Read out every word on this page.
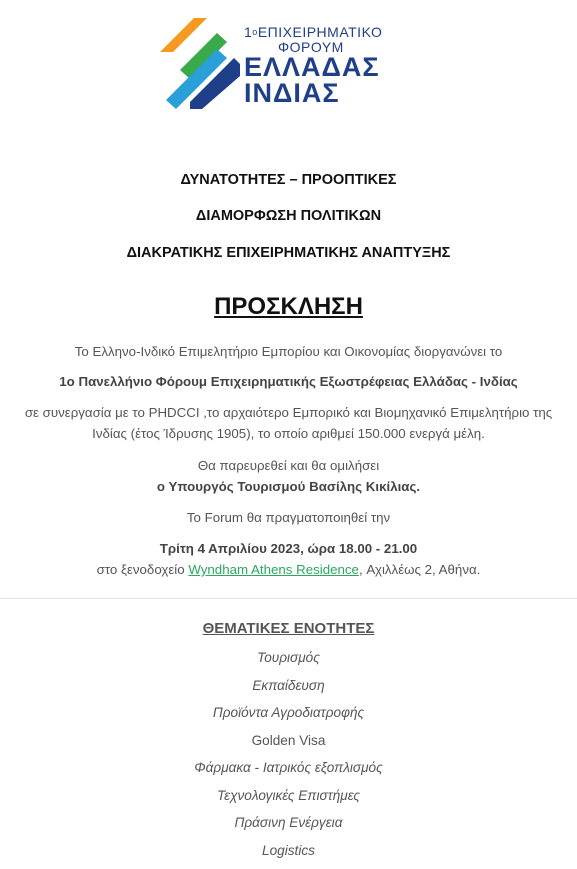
$1^oE\Pi IXEIPHMATIKO$
ΦΟΡΟΥΜ
ΕΛΛΑΔΑΣ
ΙΝΔΙΑΣ
ΔΥΝΑΤΟΤΗΤΕΣ – ΠΡΟΟΠΤΙΚΕΣ
ΔΙΑΜΟΡΦΩΣΗ ΠΟΛΙΤΙΚΩΝ
ΔΙΑΚΡΑΤΙΚΗΣ ΕΠΙΧΕΙΡΗΜΑΤΙΚΗΣ ΑΝΑΠΤΥΞΗΣ
ΠΡΟΣΚΛΗΣΗ
Το Ελληνο-Ινδικό Επιμελητήριο Εμπορίου και Οικονομίας διοργανώνει το
1ο Πανελλήνιο Φόρουμ Επιχειρηματικής Εξωστρέφειας Ελλάδας - Ινδίας
σε συνεργασία με το PHDCCI ,το αρχαιότερο Εμπορικό και Βιομηχανικό Επιμελητήριο της
Ινδίας (έτος Ίδρυσης 1905), το οποίο αριθμεί 150.000 ενεργά μέλη.
Θα παρευρεθεί και θα ομιλήσει
ο Υπουργός Τουρισμού Βασίλης Κικίλιας.
Το Forum θα πραγματοποιηθεί την
Τρίτη 4 Απριλίου 2023, ώρα 18.00 - 21.00
στο ξενοδοχείο Wyndham Athens Residence, Αχιλλέως 2, Αθήνα.
ΘΕΜΑΤΙΚΕΣ ΕΝΟΤΗΤΕΣ
Τουρισμός
Εκπαίδευση
Προϊόντα Αγροδιατροφής
Golden Visa
Φάρμακα - Ιατρικός εξοπλισμός
Τεχνολογικές Επιστήμες
Πράσινη Ενέργεια
Logistics
